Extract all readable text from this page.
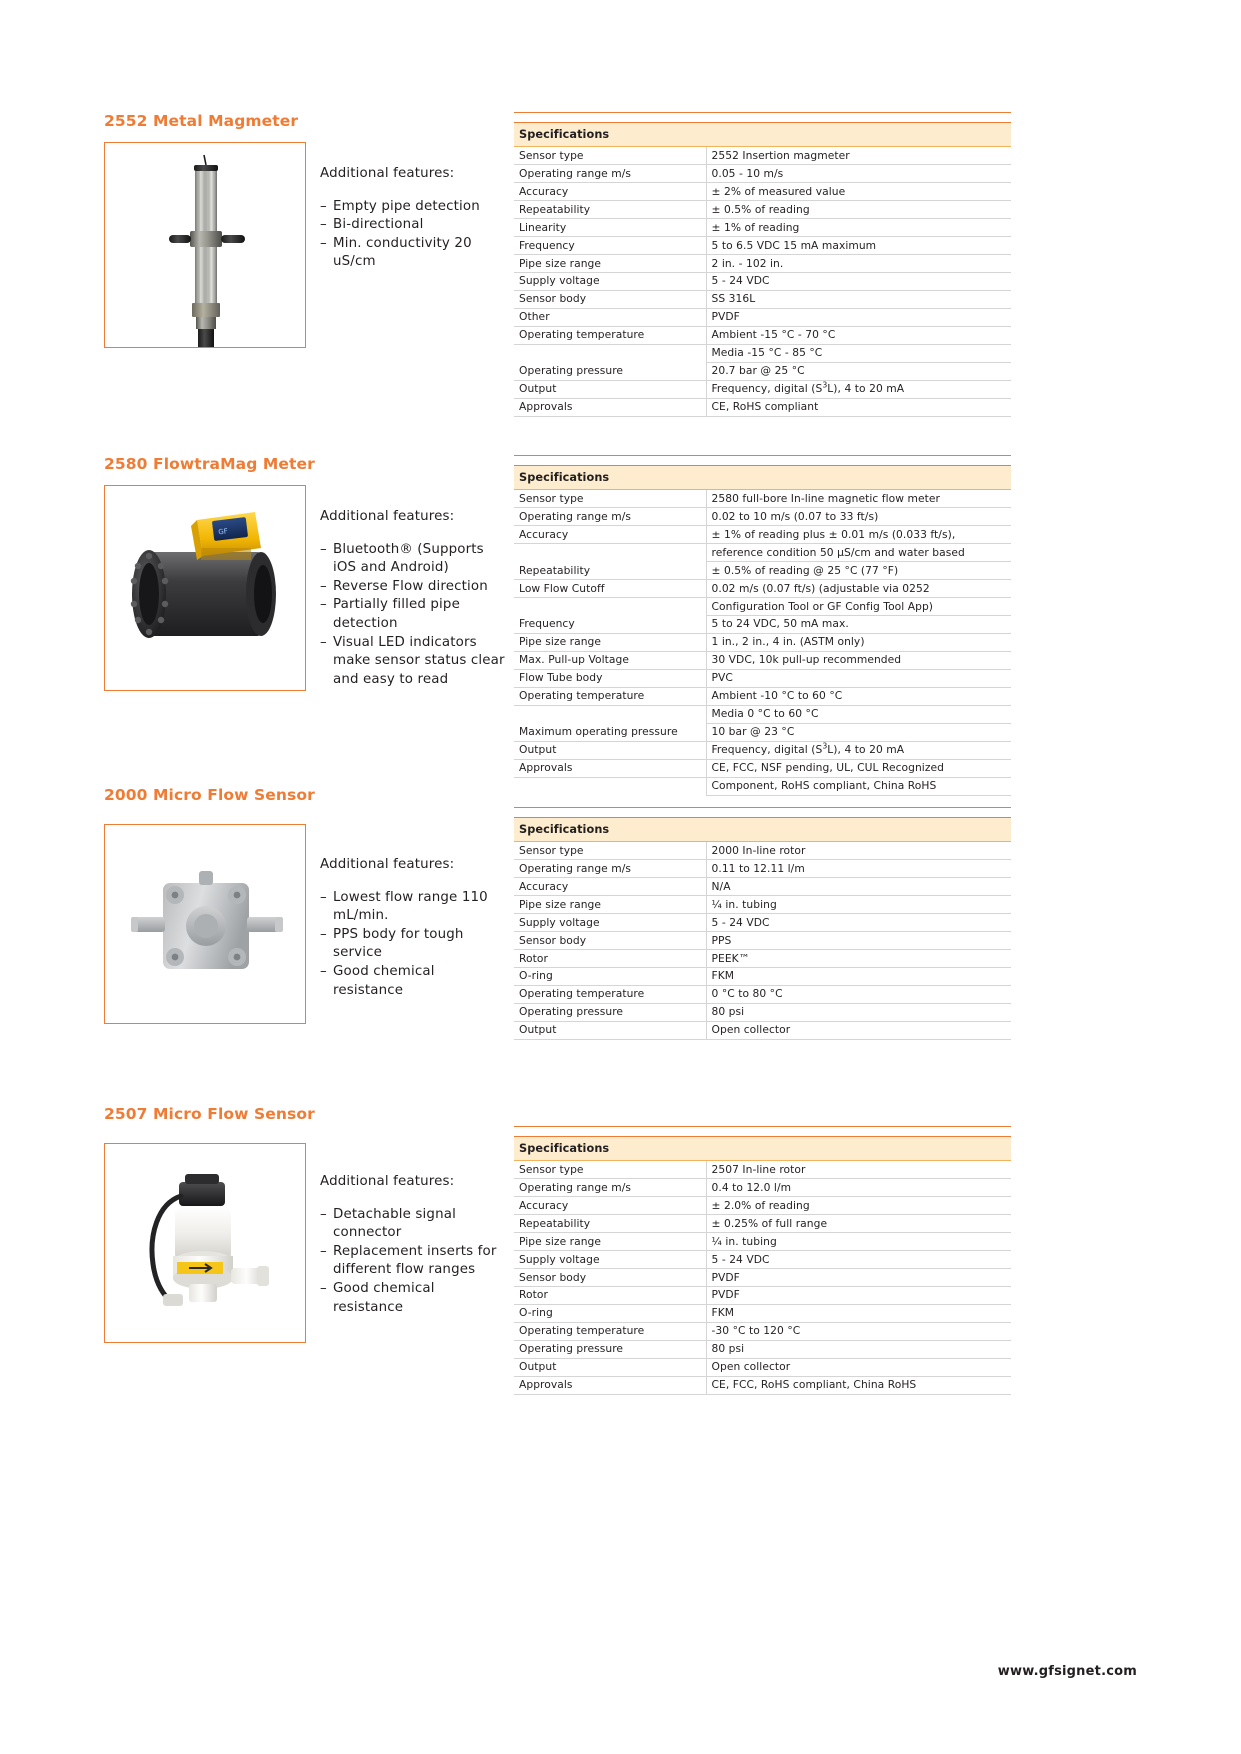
2552 Metal Magmeter
Additional features:
– Empty pipe detection
– Bi-directional
– Min. conductivity 20 uS/cm
Specifications	
Sensor type	2552 Insertion magmeter
Operating range m/s	0.05 - 10 m/s
Accuracy	± 2% of measured value
Repeatability	± 0.5% of reading
Linearity	± 1% of reading
Frequency	5 to 6.5 VDC 15 mA maximum
Pipe size range	2 in. - 102 in.
Supply voltage	5 - 24 VDC
Sensor body	SS 316L
Other	PVDF
Operating temperature	Ambient -15 °C - 70 °C
	Media -15 °C - 85 °C
Operating pressure	20.7 bar @ 25 °C
Output	Frequency, digital $(S^3L)$, 4 to 20 mA
Approvals	CE, RoHS compliant
2580 FlowtraMag Meter
GF
Additional features:
– Bluetooth® (Supports iOS and Android)
– Reverse Flow direction
– Partially filled pipe detection
– Visual LED indicators make sensor status clear and easy to read
Specifications	
Sensor type	2580 full-bore In-line magnetic flow meter
Operating range m/s	0.02 to 10 m/s (0.07 to 33 ft/s)
Accuracy	± 1% of reading plus ± 0.01 m/s (0.033 ft/s),
	reference condition 50 µS/cm and water based
Repeatability	± 0.5% of reading @ 25 °C (77 °F)
Low Flow Cutoff	0.02 m/s (0.07 ft/s) (adjustable via 0252
	Configuration Tool or GF Config Tool App)
Frequency	5 to 24 VDC, 50 mA max.
Pipe size range	1 in., 2 in., 4 in. (ASTM only)
Max. Pull-up Voltage	30 VDC, 10k pull-up recommended
Flow Tube body	PVC
Operating temperature	Ambient -10 °C to 60 °C
	Media 0 °C to 60 °C
Maximum operating pressure	10 bar @ 23 °C
Output	Frequency, digital $(S^3L)$, 4 to 20 mA
Approvals	CE, FCC, NSF pending, UL, CUL Recognized
	Component, RoHS compliant, China RoHS
2000 Micro Flow Sensor
Additional features:
– Lowest flow range 110 mL/min.
– PPS body for tough service
– Good chemical resistance
Specifications	
Sensor type	2000 In-line rotor
Operating range m/s	0.11 to 12.11 l/m
Accuracy	N/A
Pipe size range	¼ in. tubing
Supply voltage	5 - 24 VDC
Sensor body	PPS
Rotor	PEEK™
O-ring	FKM
Operating temperature	0 °C to 80 °C
Operating pressure	80 psi
Output	Open collector
2507 Micro Flow Sensor
Additional features:
– Detachable signal connector
– Replacement inserts for different flow ranges
– Good chemical resistance
Specifications	
Sensor type	2507 In-line rotor
Operating range m/s	0.4 to 12.0 l/m
Accuracy	± 2.0% of reading
Repeatability	± 0.25% of full range
Pipe size range	¼ in. tubing
Supply voltage	5 - 24 VDC
Sensor body	PVDF
Rotor	PVDF
O-ring	FKM
Operating temperature	-30 °C to 120 °C
Operating pressure	80 psi
Output	Open collector
Approvals	CE, FCC, RoHS compliant, China RoHS
www.gfsignet.com
